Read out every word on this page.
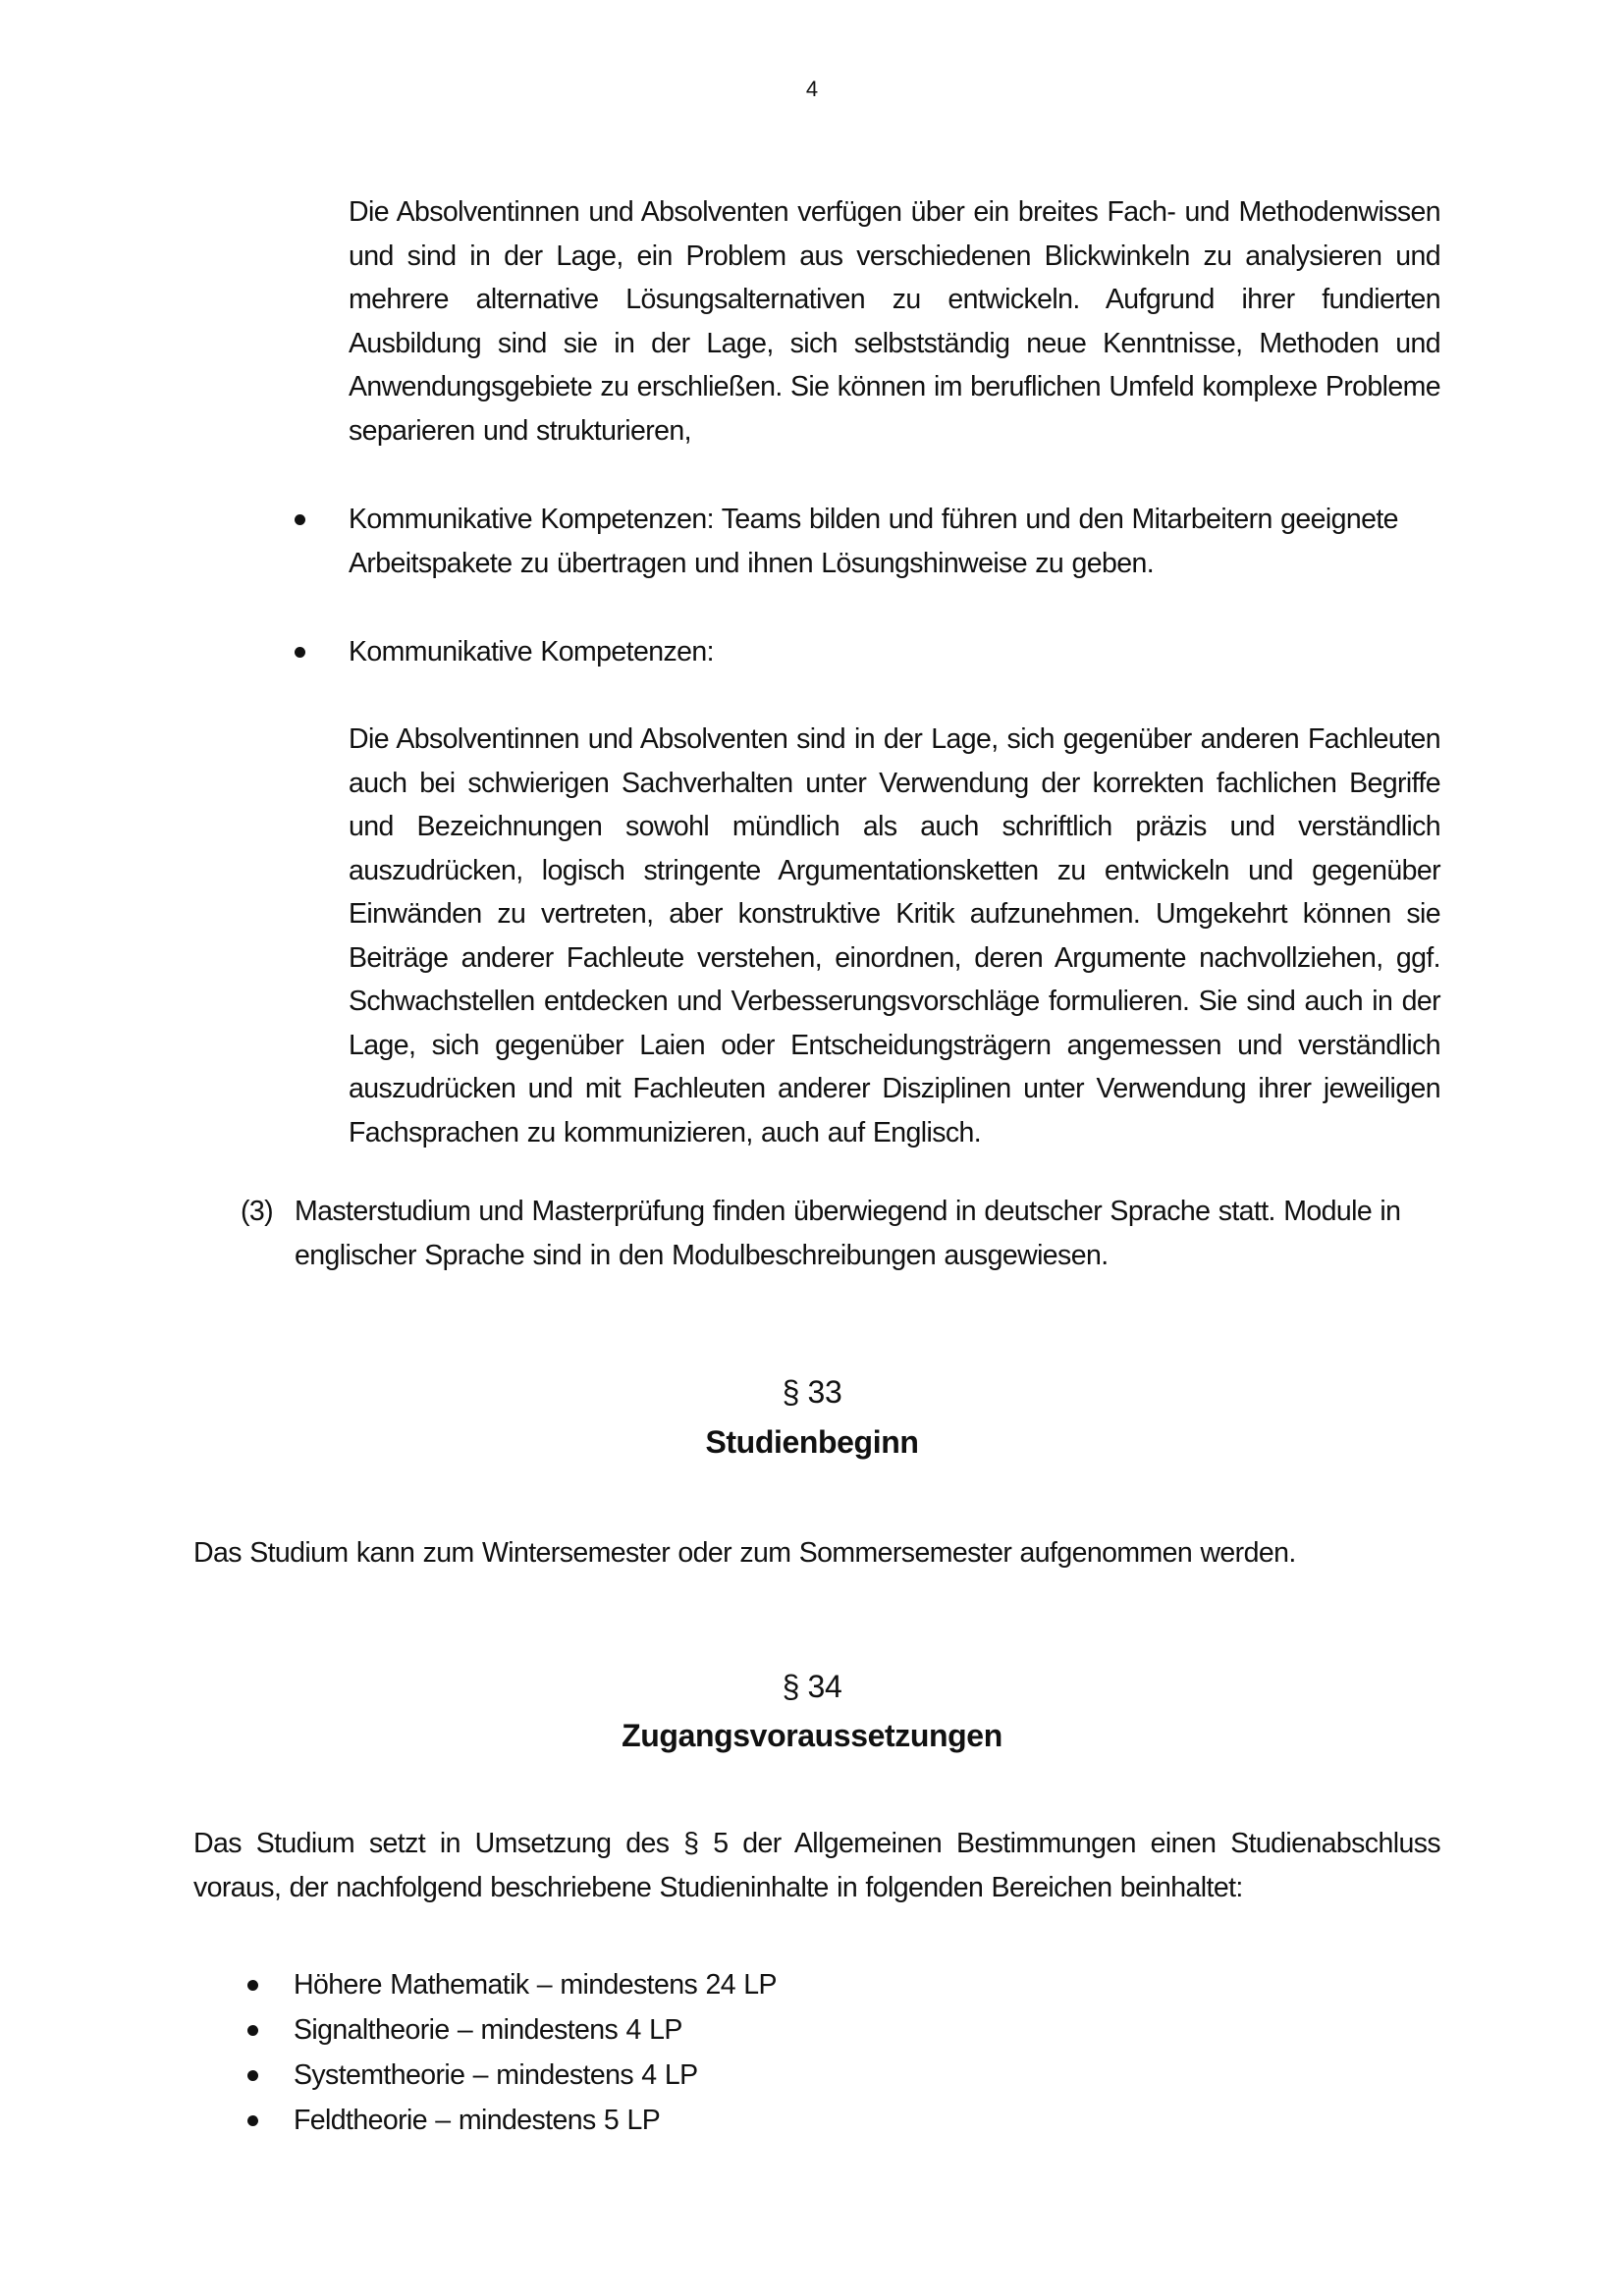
4
Die Absolventinnen und Absolventen verfügen über ein breites Fach- und Methodenwissen und sind in der Lage, ein Problem aus verschiedenen Blickwinkeln zu analysieren und mehrere alternative Lösungsalternativen zu entwickeln. Aufgrund ihrer fundierten Ausbildung sind sie in der Lage, sich selbstständig neue Kenntnisse, Methoden und Anwendungsgebiete zu erschließen. Sie können im beruflichen Umfeld komplexe Probleme separieren und strukturieren,
Kommunikative Kompetenzen: Teams bilden und führen und den Mitarbeitern geeignete Arbeitspakete zu übertragen und ihnen Lösungshinweise zu geben.
Kommunikative Kompetenzen:
Die Absolventinnen und Absolventen sind in der Lage, sich gegenüber anderen Fachleuten auch bei schwierigen Sachverhalten unter Verwendung der korrekten fachlichen Begriffe und Bezeichnungen sowohl mündlich als auch schriftlich präzis und verständlich auszudrücken, logisch stringente Argumentationsketten zu entwickeln und gegenüber Einwänden zu vertreten, aber konstruktive Kritik aufzunehmen. Umgekehrt können sie Beiträge anderer Fachleute verstehen, einordnen, deren Argumente nachvollziehen, ggf. Schwachstellen entdecken und Verbesserungsvorschläge formulieren. Sie sind auch in der Lage, sich gegenüber Laien oder Entscheidungsträgern angemessen und verständlich auszudrücken und mit Fachleuten anderer Disziplinen unter Verwendung ihrer jeweiligen Fachsprachen zu kommunizieren, auch auf Englisch.
(3) Masterstudium und Masterprüfung finden überwiegend in deutscher Sprache statt. Module in englischer Sprache sind in den Modulbeschreibungen ausgewiesen.
§ 33
Studienbeginn
Das Studium kann zum Wintersemester oder zum Sommersemester aufgenommen werden.
§ 34
Zugangsvoraussetzungen
Das Studium setzt in Umsetzung des § 5 der Allgemeinen Bestimmungen einen Studienabschluss voraus, der nachfolgend beschriebene Studieninhalte in folgenden Bereichen beinhaltet:
Höhere Mathematik – mindestens 24 LP
Signaltheorie – mindestens 4 LP
Systemtheorie – mindestens 4 LP
Feldtheorie – mindestens 5 LP
